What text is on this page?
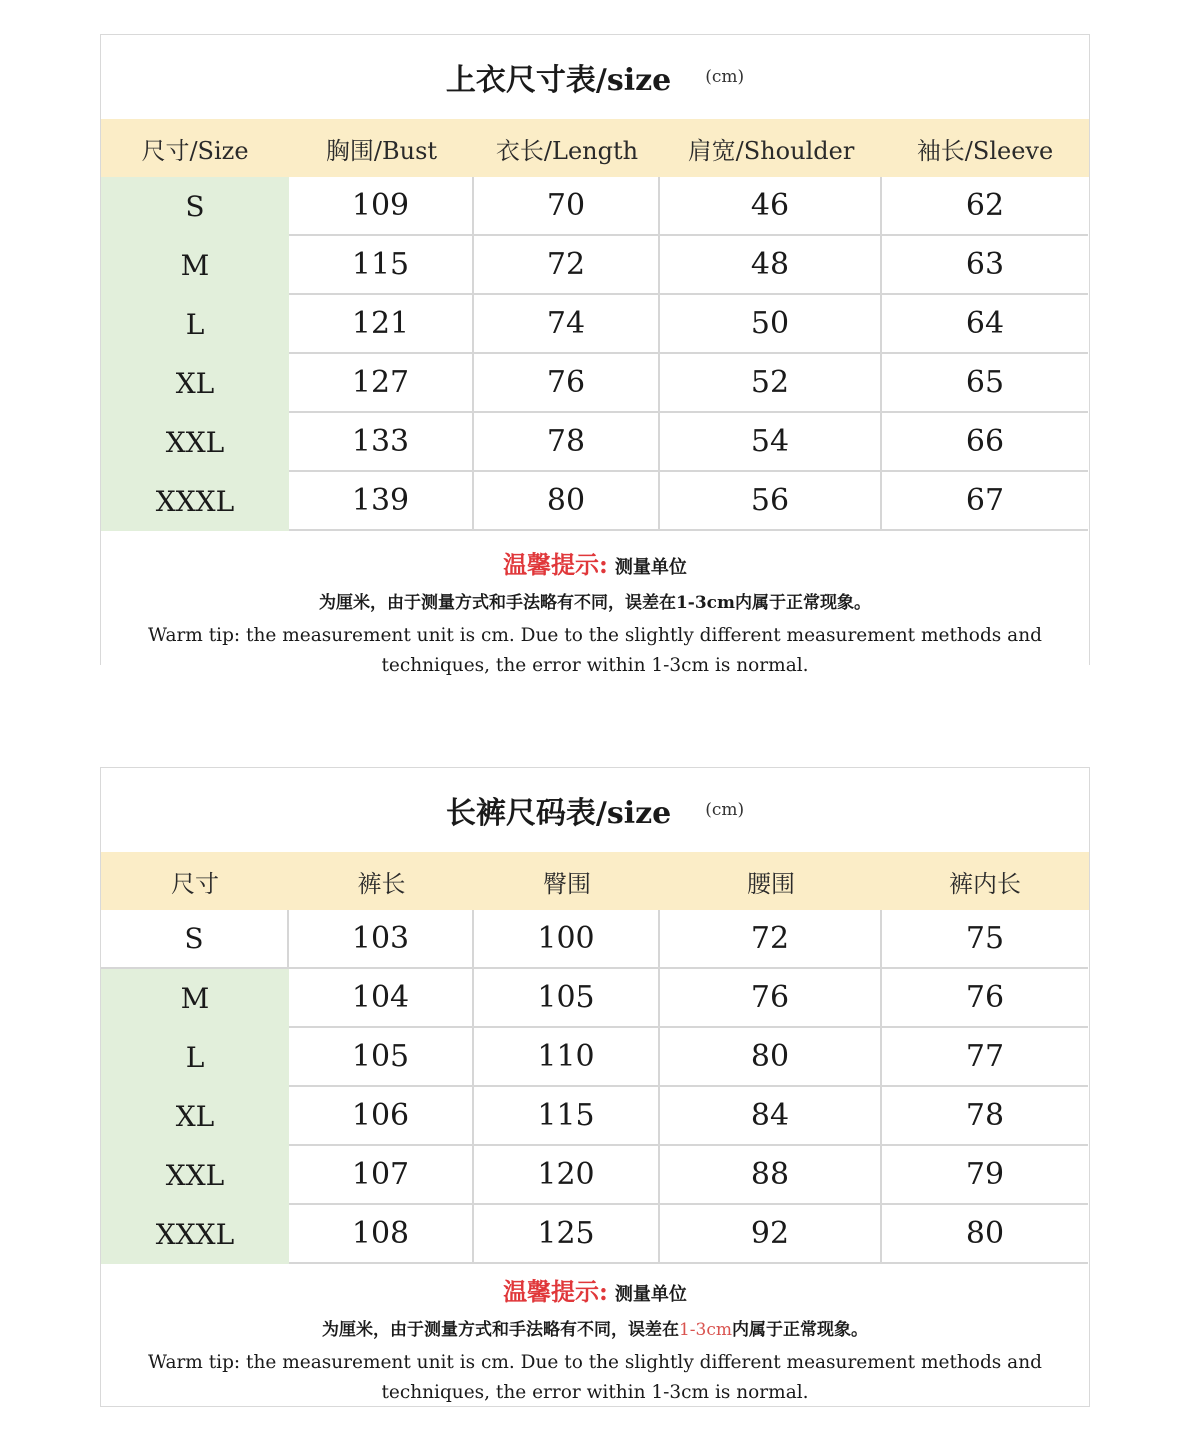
上衣尺寸表/size (cm)
尺寸/Size	胸围/Bust	衣长/Length	肩宽/Shoulder	袖长/Sleeve
S	109	70	46	62
M	115	72	48	63
L	121	74	50	64
XL	127	76	52	65
XXL	133	78	54	66
XXXL	139	80	56	67
温馨提示: 测量单位
为厘米，由于测量方式和手法略有不同，误差在1-3cm内属于正常现象。
Warm tip: the measurement unit is cm. Due to the slightly different measurement methods and techniques, the error within 1-3cm is normal.
长裤尺码表/size (cm)
尺寸	裤长	臀围	腰围	裤内长
S	103	100	72	75
M	104	105	76	76
L	105	110	80	77
XL	106	115	84	78
XXL	107	120	88	79
XXXL	108	125	92	80
温馨提示: 测量单位
为厘米，由于测量方式和手法略有不同，误差在1-3cm内属于正常现象。
Warm tip: the measurement unit is cm. Due to the slightly different measurement methods and techniques, the error within 1-3cm is normal.
